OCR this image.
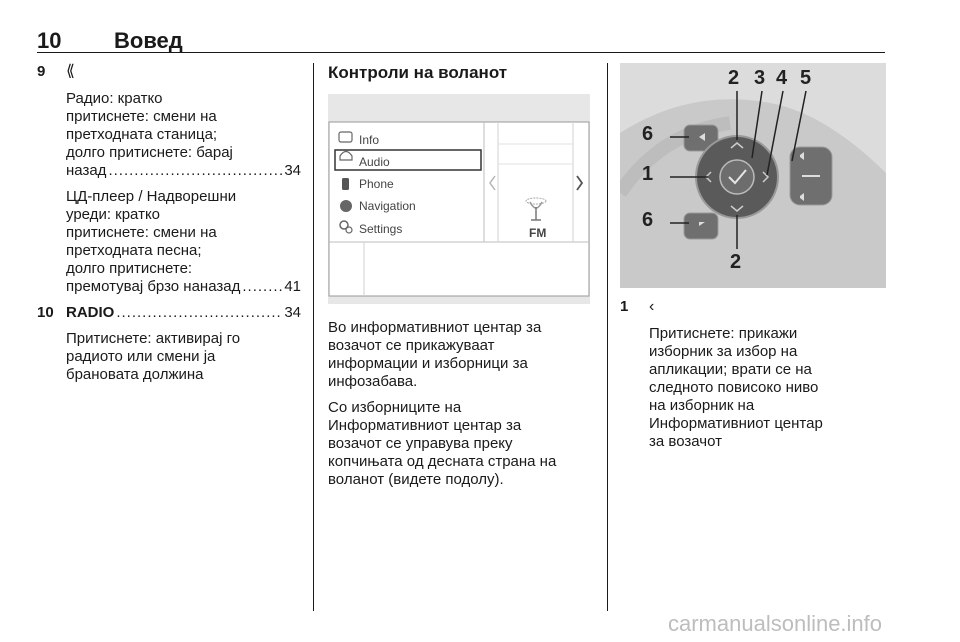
10 Вовед
9 ⟪
Радио: кратко
притиснете: смени на
претходната станица;
долго притиснете: барај
назад .....	34
ЦД-плеер / Надворешни
уреди: кратко
притиснете: смени на
претходната песна;
долго притиснете:
премотувај брзо наназад .....	41
10 RADIO .....	34
Притиснете: активирај го
радиото или смени ја
брановата должина
Контроли на воланот
Info
Audio
Phone
Navigation
Settings	FM
Во информативниот центар за
возачот се прикажуваат
информации и изборници за
инфозабава.
Со изборниците на
Информативниот центар за
возачот се управува преку
копчињата од десната страна на
воланот (видете подолу).
2 3 4 5
6
1
6
2
1 ‹
Притиснете: прикажи
изборник за избор на
апликации; врати се на
следното повисоко ниво
на изборник на
Информативниот центар
за возачот
carmanualsonline.info
